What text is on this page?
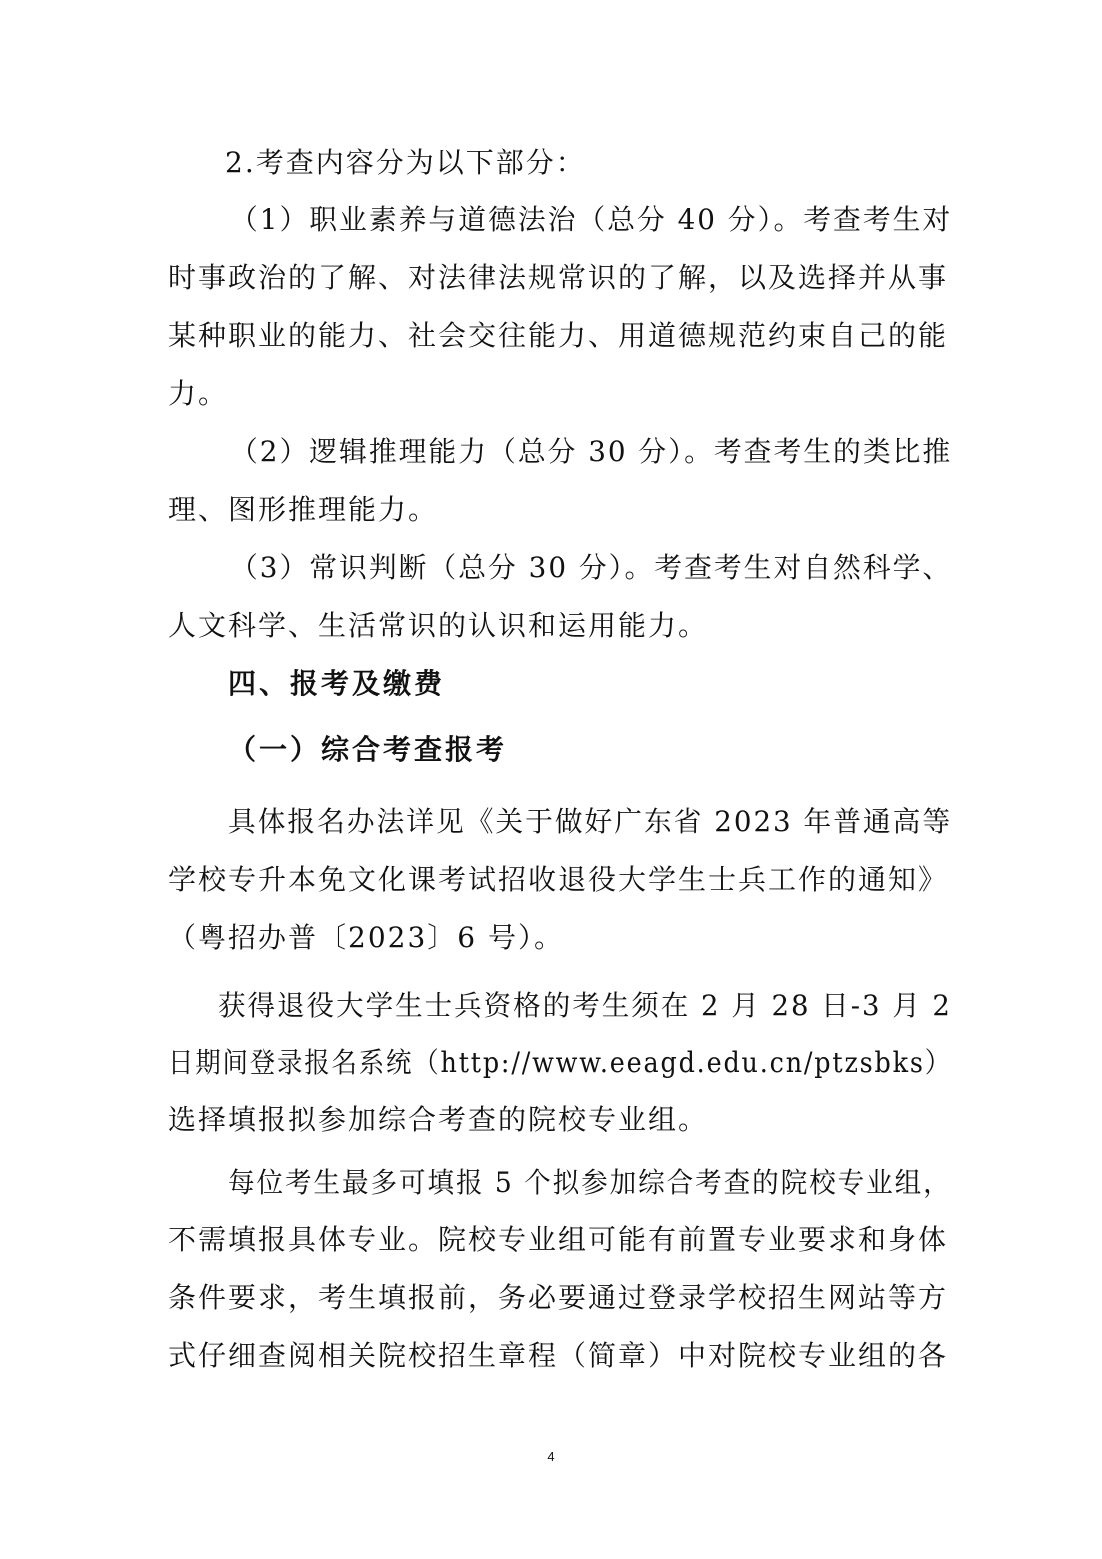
2.考查内容分为以下部分：
（1）职业素养与道德法治（总分 40 分）。考查考生对
时事政治的了解、对法律法规常识的了解，以及选择并从事
某种职业的能力、社会交往能力、用道德规范约束自己的能
力。
（2）逻辑推理能力（总分 30 分）。考查考生的类比推
理、图形推理能力。
（3）常识判断（总分 30 分）。考查考生对自然科学、
人文科学、生活常识的认识和运用能力。
四、报考及缴费
（一）综合考查报考
具体报名办法详见《关于做好广东省 2023 年普通高等
学校专升本免文化课考试招收退役大学生士兵工作的通知》
（粤招办普〔2023〕6 号）。
获得退役大学生士兵资格的考生须在 2 月 28 日-3 月 2
日期间登录报名系统（http://www.eeagd.edu.cn/ptzsbks）
选择填报拟参加综合考查的院校专业组。
每位考生最多可填报 5 个拟参加综合考查的院校专业组，
不需填报具体专业。院校专业组可能有前置专业要求和身体
条件要求，考生填报前，务必要通过登录学校招生网站等方
式仔细查阅相关院校招生章程（简章）中对院校专业组的各
4
